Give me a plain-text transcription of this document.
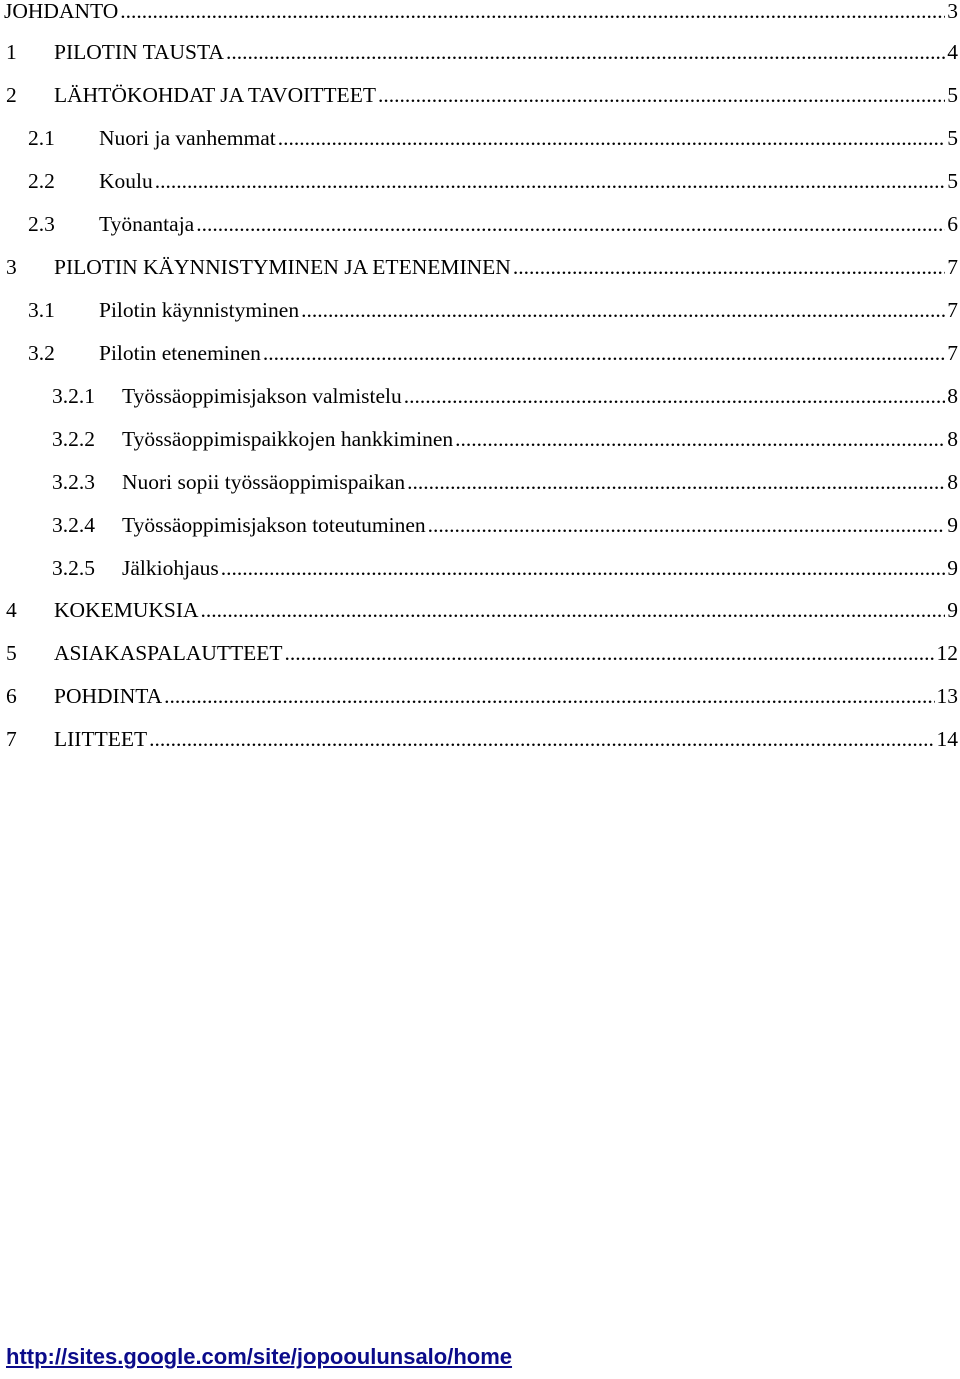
JOHDANTO .....	3
1	PILOTIN TAUSTA .....	4
2	LÄHTÖKOHDAT JA TAVOITTEET .....	5
2.1	Nuori ja vanhemmat .....	5
2.2	Koulu .....	5
2.3	Työnantaja .....	6
3	PILOTIN KÄYNNISTYMINEN JA ETENEMINEN .....	7
3.1	Pilotin käynnistyminen .....	7
3.2	Pilotin eteneminen .....	7
3.2.1	Työssäoppimisjakson valmistelu .....	8
3.2.2	Työssäoppimispaikkojen hankkiminen .....	8
3.2.3	Nuori sopii työssäoppimispaikan .....	8
3.2.4	Työssäoppimisjakson toteutuminen .....	9
3.2.5	Jälkiohjaus .....	9
4	KOKEMUKSIA .....	9
5	ASIAKASPALAUTTEET .....	12
6	POHDINTA .....	13
7	LIITTEET .....	14
http://sites.google.com/site/jopooulunsalo/home
